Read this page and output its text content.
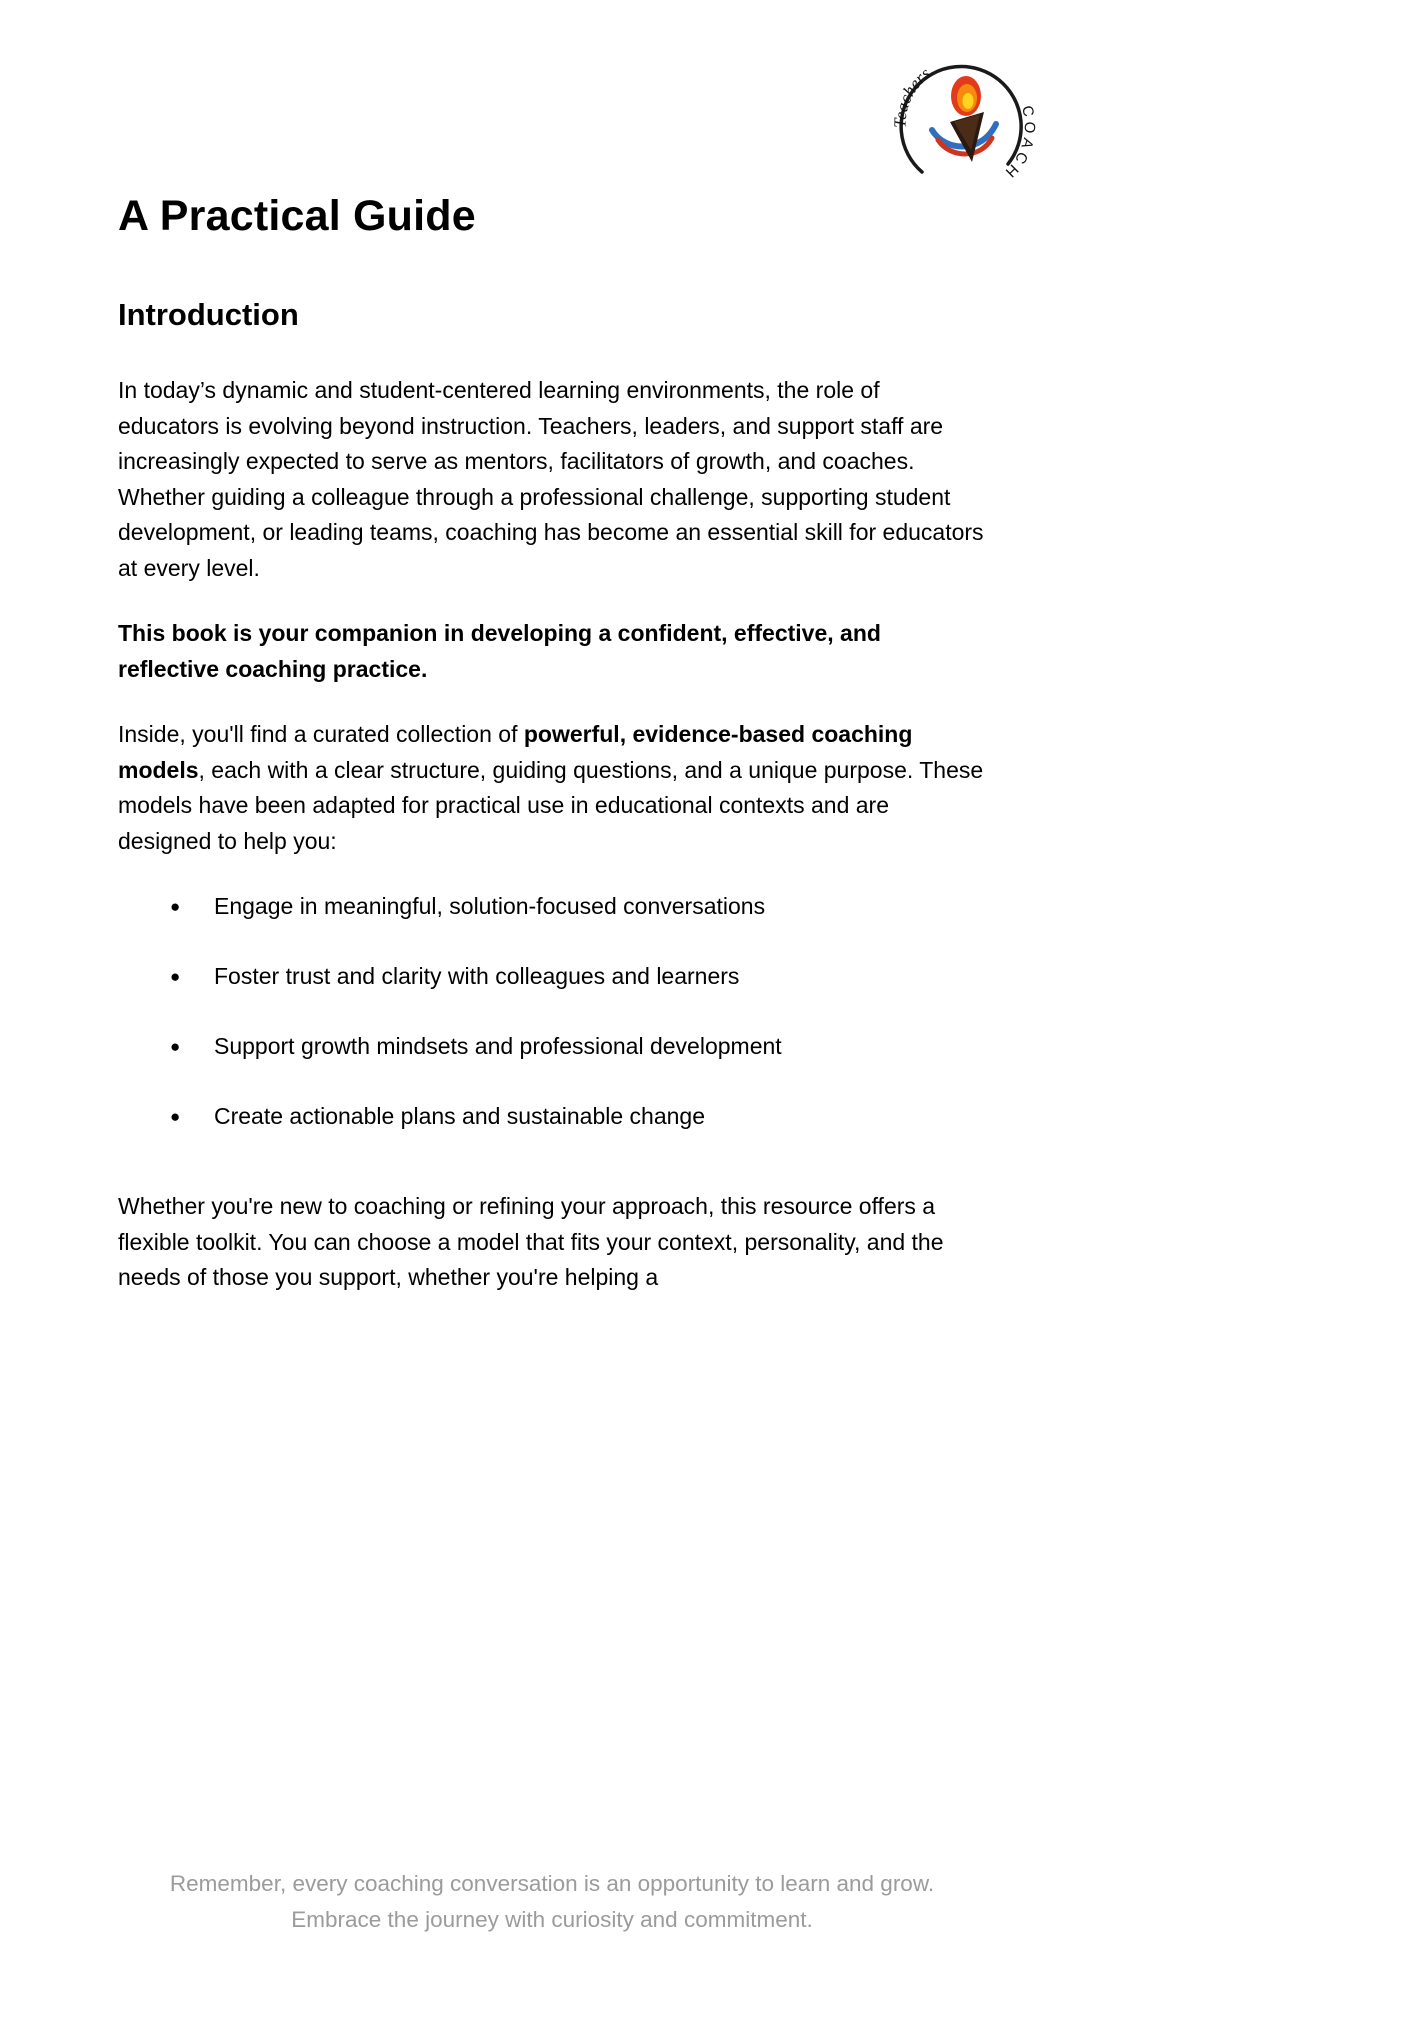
Teachers
COACH
A Practical Guide
Introduction

In today’s dynamic and student-centered learning environments, the role of educators is evolving beyond instruction. Teachers, leaders, and support staff are increasingly expected to serve as mentors, facilitators of growth, and coaches. Whether guiding a colleague through a professional challenge, supporting student development, or leading teams, coaching has become an essential skill for educators at every level.

This book is your companion in developing a confident, effective, and reflective coaching practice.

Inside, you'll find a curated collection of powerful, evidence-based coaching models, each with a clear structure, guiding questions, and a unique purpose. These models have been adapted for practical use in educational contexts and are designed to help you:

●	Engage in meaningful, solution-focused conversations
●	Foster trust and clarity with colleagues and learners
●	Support growth mindsets and professional development
●	Create actionable plans and sustainable change

Whether you're new to coaching or refining your approach, this resource offers a flexible toolkit. You can choose a model that fits your context, personality, and the needs of those you support, whether you're helping a

Remember, every coaching conversation is an opportunity to learn and grow.
Embrace the journey with curiosity and commitment.
